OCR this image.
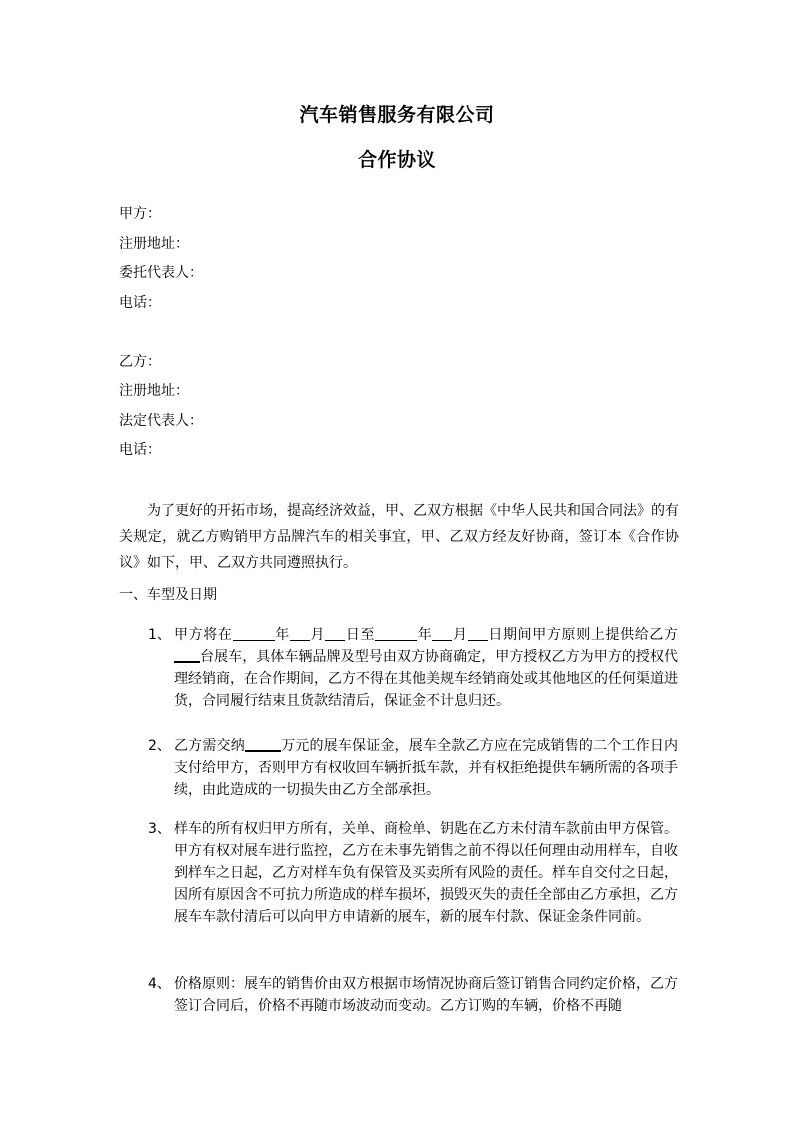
汽车销售服务有限公司
合作协议
甲方：
注册地址：
委托代表人：
电话：
乙方：
注册地址：
法定代表人：
电话：

为了更好的开拓市场，提高经济效益，甲、乙双方根据《中华人民共和国合同法》的有关规定，就乙方购销甲方品牌汽车的相关事宜，甲、乙双方经友好协商，签订本《合作协议》如下，甲、乙双方共同遵照执行。

一、车型及日期
1、 甲方将在	年 月 日至	年 月 日期间甲方原则上提供给乙方台展车，具体车辆品牌及型号由双方协商确定，甲方授权乙方为甲方的授权代理经销商，在合作期间，乙方不得在其他美规车经销商处或其他地区的任何渠道进货，合同履行结束且货款结清后，保证金不计息归还。
2、 乙方需交纳	万元的展车保证金，展车全款乙方应在完成销售的二个工作日内支付给甲方，否则甲方有权收回车辆折抵车款，并有权拒绝提供车辆所需的各项手续，由此造成的一切损失由乙方全部承担。
3、 样车的所有权归甲方所有，关单、商检单、钥匙在乙方未付清车款前由甲方保管。甲方有权对展车进行监控，乙方在未事先销售之前不得以任何理由动用样车，自收到样车之日起，乙方对样车负有保管及买卖所有风险的责任。样车自交付之日起，因所有原因含不可抗力所造成的样车损坏，损毁灭失的责任全部由乙方承担，乙方展车车款付清后可以向甲方申请新的展车，新的展车付款、保证金条件同前。
4、 价格原则：展车的销售价由双方根据市场情况协商后签订销售合同约定价格，乙方签订合同后，价格不再随市场波动而变动。乙方订购的车辆，价格不再随
